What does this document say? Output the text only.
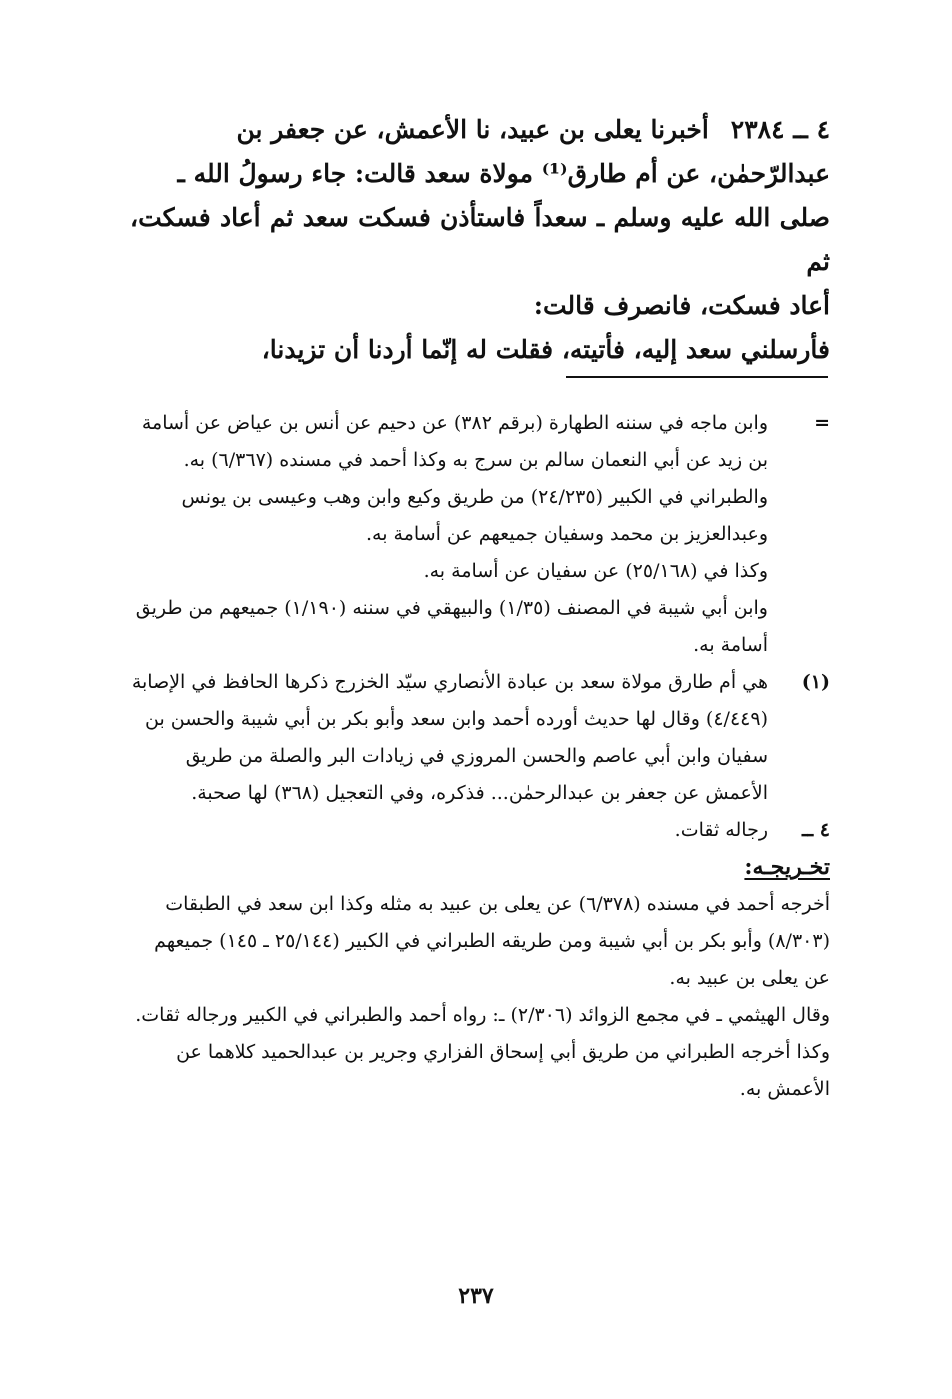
٤ ــ ٢٣٨٤أخبرنا يعلى بن عبيد، نا الأعمش، عن جعفر بن

عبدالرّحمٰن، عن أم طارق⁽¹⁾ مولاة سعد قالت: جاء رسولُ الله ـ

صلى الله عليه وسلم ـ سعداً فاستأذن فسكت سعد ثم أعاد فسكت، ثم

أعاد فسكت، فانصرف قالت:

فأرسلني سعد إليه، فأتيته، فقلت له إنّما أردنا أن تزيدنا،

=

وابن ماجه في سننه الطهارة (برقم ٣٨٢) عن دحيم عن أنس بن عياض عن أسامة بن زيد عن أبي النعمان سالم بن سرج به وكذا أحمد في مسنده (٦/٣٦٧) به.

والطبراني في الكبير (٢٤/٢٣٥) من طريق وكيع وابن وهب وعيسى بن يونس وعبدالعزيز بن محمد وسفيان جميعهم عن أسامة به.

وكذا في (٢٥/١٦٨) عن سفيان عن أسامة به.

وابن أبي شيبة في المصنف (١/٣٥) والبيهقي في سننه (١/١٩٠) جميعهم من طريق أسامة به.

(١)

هي أم طارق مولاة سعد بن عبادة الأنصاري سيّد الخزرج ذكرها الحافظ في الإصابة (٤/٤٤٩) وقال لها حديث أورده أحمد وابن سعد وأبو بكر بن أبي شيبة والحسن بن سفيان وابن أبي عاصم والحسن المروزي في زيادات البر والصلة من طريق الأعمش عن جعفر بن عبدالرحمٰن... فذكره، وفي التعجيل (٣٦٨) لها صحبة.

٤ ــ

رجاله ثقات.

تخـريجـه:

أخرجه أحمد في مسنده (٦/٣٧٨) عن يعلى بن عبيد به مثله وكذا ابن سعد في الطبقات (٨/٣٠٣) وأبو بكر بن أبي شيبة ومن طريقه الطبراني في الكبير (٢٥/١٤٤ ـ ١٤٥) جميعهم عن يعلى بن عبيد به.

وقال الهيثمي ـ في مجمع الزوائد (٢/٣٠٦) ـ: رواه أحمد والطبراني في الكبير ورجاله ثقات.

وكذا أخرجه الطبراني من طريق أبي إسحاق الفزاري وجرير بن عبدالحميد كلاهما عن الأعمش به.

٢٣٧
